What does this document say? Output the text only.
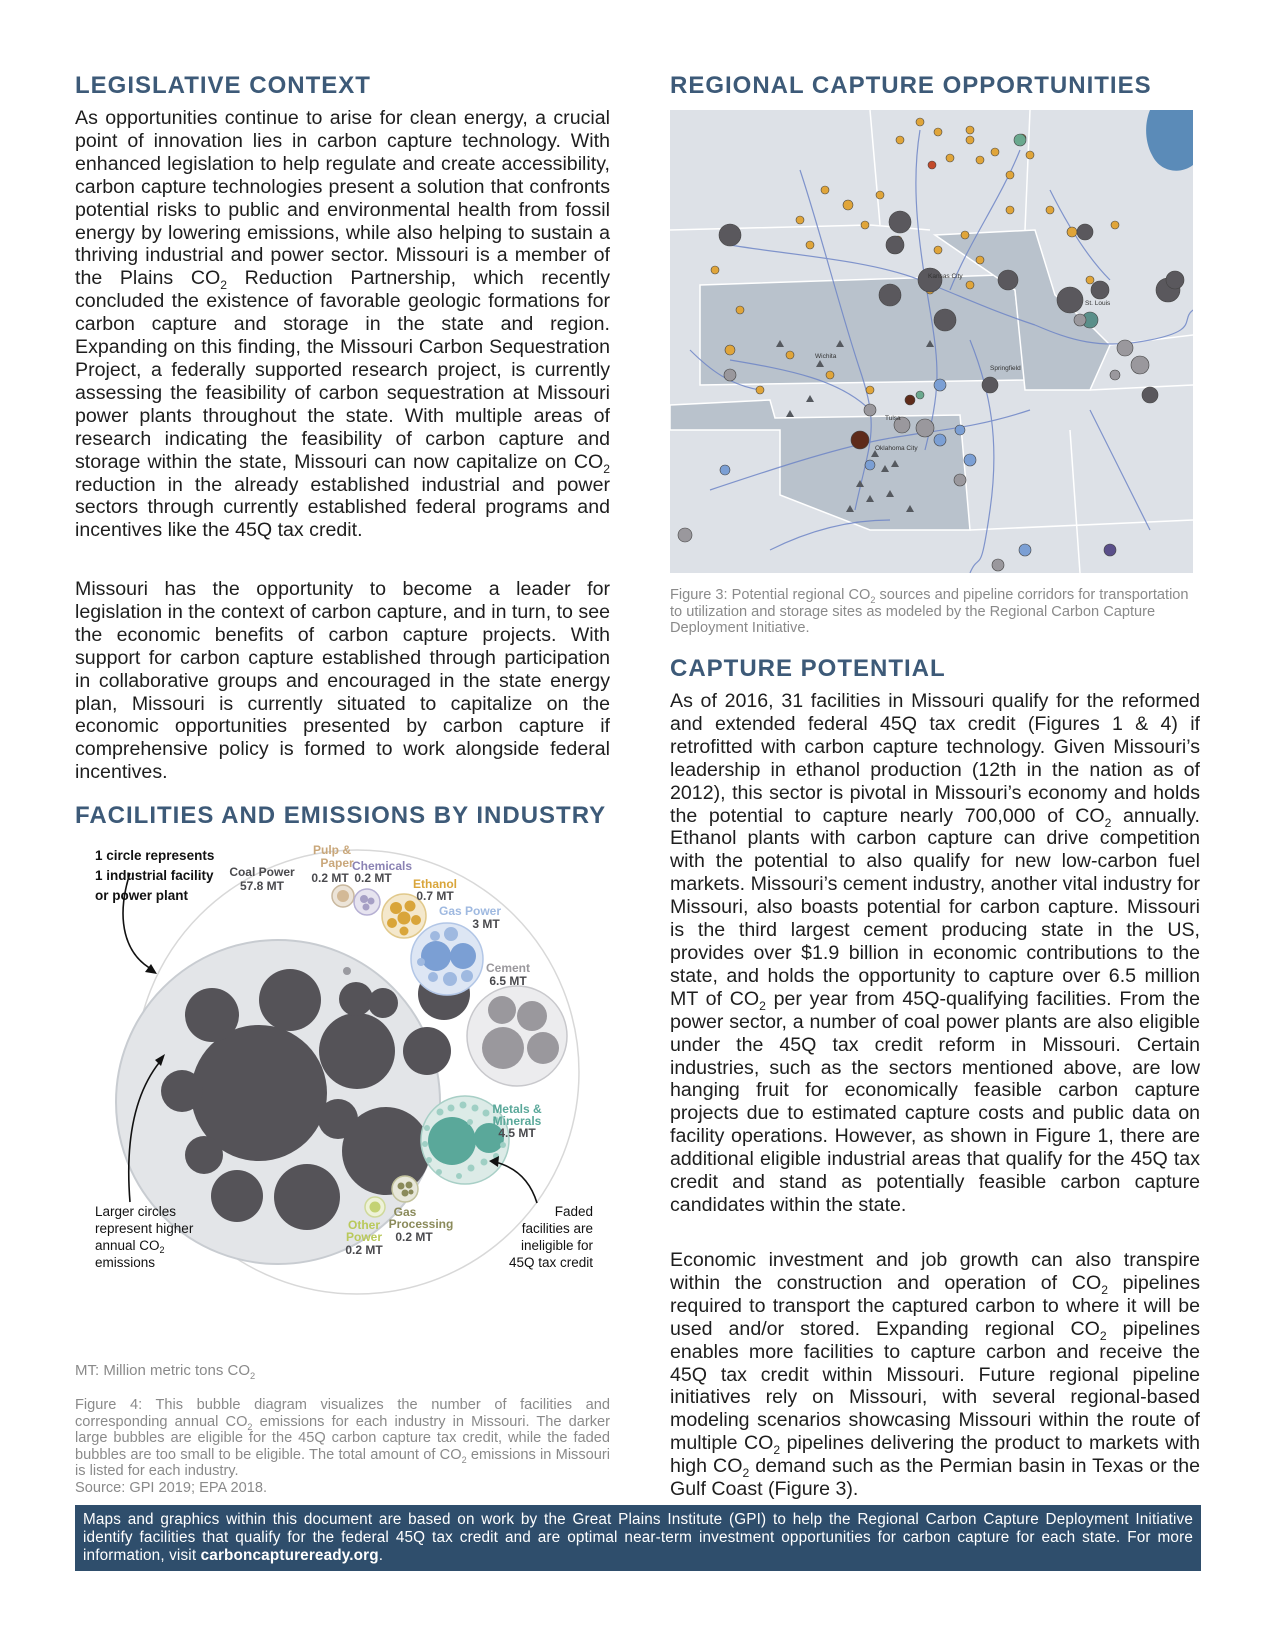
LEGISLATIVE CONTEXT

As opportunities continue to arise for clean energy, a crucial point of innovation lies in carbon capture technology. With enhanced legislation to help regulate and create accessibility, carbon capture technologies present a solution that confronts potential risks to public and environmental health from fossil energy by lowering emissions, while also helping to sustain a thriving industrial and power sector. Missouri is a member of the Plains $CO_2$ Reduction Partnership, which recently concluded the existence of favorable geologic formations for carbon capture and storage in the state and region. Expanding on this finding, the Missouri Carbon Sequestration Project, a federally supported research project, is currently assessing the feasibility of carbon sequestration at Missouri power plants throughout the state. With multiple areas of research indicating the feasibility of carbon capture and storage within the state, Missouri can now capitalize on $CO_2$ reduction in the already established industrial and power sectors through currently established federal programs and incentives like the 45Q tax credit.

Missouri has the opportunity to become a leader for legislation in the context of carbon capture, and in turn, to see the economic benefits of carbon capture projects. With support for carbon capture established through participation in collaborative groups and encouraged in the state energy plan, Missouri is currently situated to capitalize on the economic opportunities presented by carbon capture if comprehensive policy is formed to work alongside federal incentives.

FACILITIES AND EMISSIONS BY INDUSTRY
1 circle represents
1 industrial facility
or power plant
Larger circles
represent higher
annual $CO_2$
emissions
Faded
facilities are
ineligible for
45Q tax credit
Coal Power
57.8 MT
Pulp &
Paper
0.2 MT
Chemicals
0.2 MT Ethanol
0.7 MT
Gas Power
3 MT
Cement
6.5 MT
Metals &
Minerals
4.5 MT
Gas
Processing
0.2 MT
Other
Power
0.2 MT
MT: Million metric tons $CO_2$

Figure 4: This bubble diagram visualizes the number of facilities and corresponding annual $CO_2$ emissions for each industry in Missouri. The darker large bubbles are eligible for the 45Q carbon capture tax credit, while the faded bubbles are too small to be eligible. The total amount of $CO_2$ emissions in Missouri is listed for each industry.
Source: GPI 2019; EPA 2018.

REGIONAL CAPTURE OPPORTUNITIES
Kansas City
St. Louis
Wichita
Springfield
Tulsa
Oklahoma City

Figure 3: Potential regional $CO_2$ sources and pipeline corridors for transportation to utilization and storage sites as modeled by the Regional Carbon Capture Deployment Initiative.

CAPTURE POTENTIAL

As of 2016, 31 facilities in Missouri qualify for the reformed and extended federal 45Q tax credit (Figures 1 & 4) if retrofitted with carbon capture technology. Given Missouri’s leadership in ethanol production (12th in the nation as of 2012), this sector is pivotal in Missouri’s economy and holds the potential to capture nearly 700,000 of $CO_2$ annually. Ethanol plants with carbon capture can drive competition with the potential to also qualify for new low-carbon fuel markets. Missouri’s cement industry, another vital industry for Missouri, also boasts potential for carbon capture. Missouri is the third largest cement producing state in the US, provides over $1.9 billion in economic contributions to the state, and holds the opportunity to capture over 6.5 million MT of $CO_2$ per year from 45Q-qualifying facilities. From the power sector, a number of coal power plants are also eligible under the 45Q tax credit reform in Missouri. Certain industries, such as the sectors mentioned above, are low hanging fruit for economically feasible carbon capture projects due to estimated capture costs and public data on facility operations. However, as shown in Figure 1, there are additional eligible industrial areas that qualify for the 45Q tax credit and stand as potentially feasible carbon capture candidates within the state.

Economic investment and job growth can also transpire within the construction and operation of $CO_2$ pipelines required to transport the captured carbon to where it will be used and/or stored. Expanding regional $CO_2$ pipelines enables more facilities to capture carbon and receive the 45Q tax credit within Missouri. Future regional pipeline initiatives rely on Missouri, with several regional-based modeling scenarios showcasing Missouri within the route of multiple $CO_2$ pipelines delivering the product to markets with high $CO_2$ demand such as the Permian basin in Texas or the Gulf Coast (Figure 3).

Maps and graphics within this document are based on work by the Great Plains Institute (GPI) to help the Regional Carbon Capture Deployment Initiative identify facilities that qualify for the federal 45Q tax credit and are optimal near-term investment opportunities for carbon capture for each state. For more information, visit carboncaptureready.org.
